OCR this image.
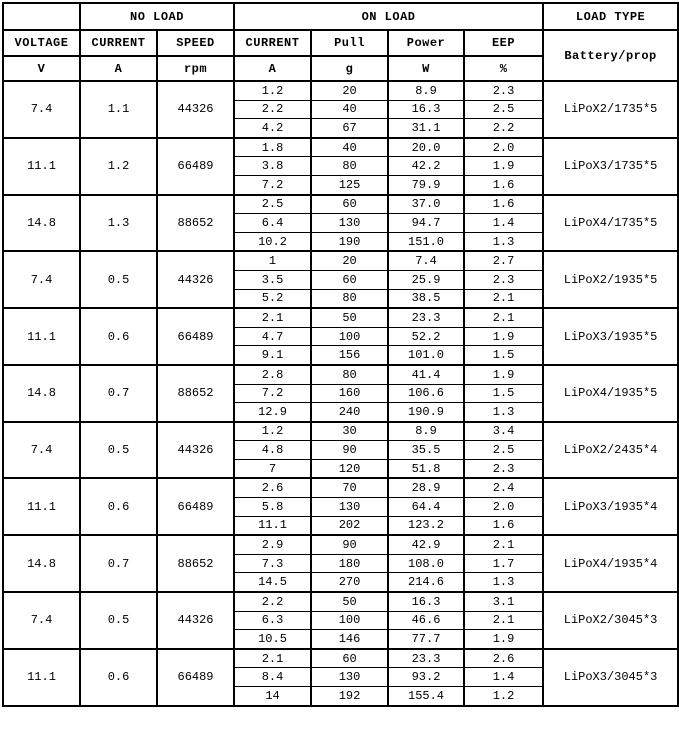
	NO LOAD		ON LOAD				LOAD TYPE
VOLTAGE	CURRENT	SPEED	CURRENT	Pull	Power	EEP	Battery/prop
V	A	rpm	A	g	W	%	
7.4	1.1	44326	1.2	20	8.9	2.3	LiPoX2/1735*5
			2.2	40	16.3	2.5	
			4.2	67	31.1	2.2	
11.1	1.2	66489	1.8	40	20.0	2.0	LiPoX3/1735*5
			3.8	80	42.2	1.9	
			7.2	125	79.9	1.6	
14.8	1.3	88652	2.5	60	37.0	1.6	LiPoX4/1735*5
			6.4	130	94.7	1.4	
			10.2	190	151.0	1.3	
7.4	0.5	44326	1	20	7.4	2.7	LiPoX2/1935*5
			3.5	60	25.9	2.3	
			5.2	80	38.5	2.1	
11.1	0.6	66489	2.1	50	23.3	2.1	LiPoX3/1935*5
			4.7	100	52.2	1.9	
			9.1	156	101.0	1.5	
14.8	0.7	88652	2.8	80	41.4	1.9	LiPoX4/1935*5
			7.2	160	106.6	1.5	
			12.9	240	190.9	1.3	
7.4	0.5	44326	1.2	30	8.9	3.4	LiPoX2/2435*4
			4.8	90	35.5	2.5	
			7	120	51.8	2.3	
11.1	0.6	66489	2.6	70	28.9	2.4	LiPoX3/1935*4
			5.8	130	64.4	2.0	
			11.1	202	123.2	1.6	
14.8	0.7	88652	2.9	90	42.9	2.1	LiPoX4/1935*4
			7.3	180	108.0	1.7	
			14.5	270	214.6	1.3	
7.4	0.5	44326	2.2	50	16.3	3.1	LiPoX2/3045*3
			6.3	100	46.6	2.1	
			10.5	146	77.7	1.9	
11.1	0.6	66489	2.1	60	23.3	2.6	LiPoX3/3045*3
			8.4	130	93.2	1.4	
			14	192	155.4	1.2	
